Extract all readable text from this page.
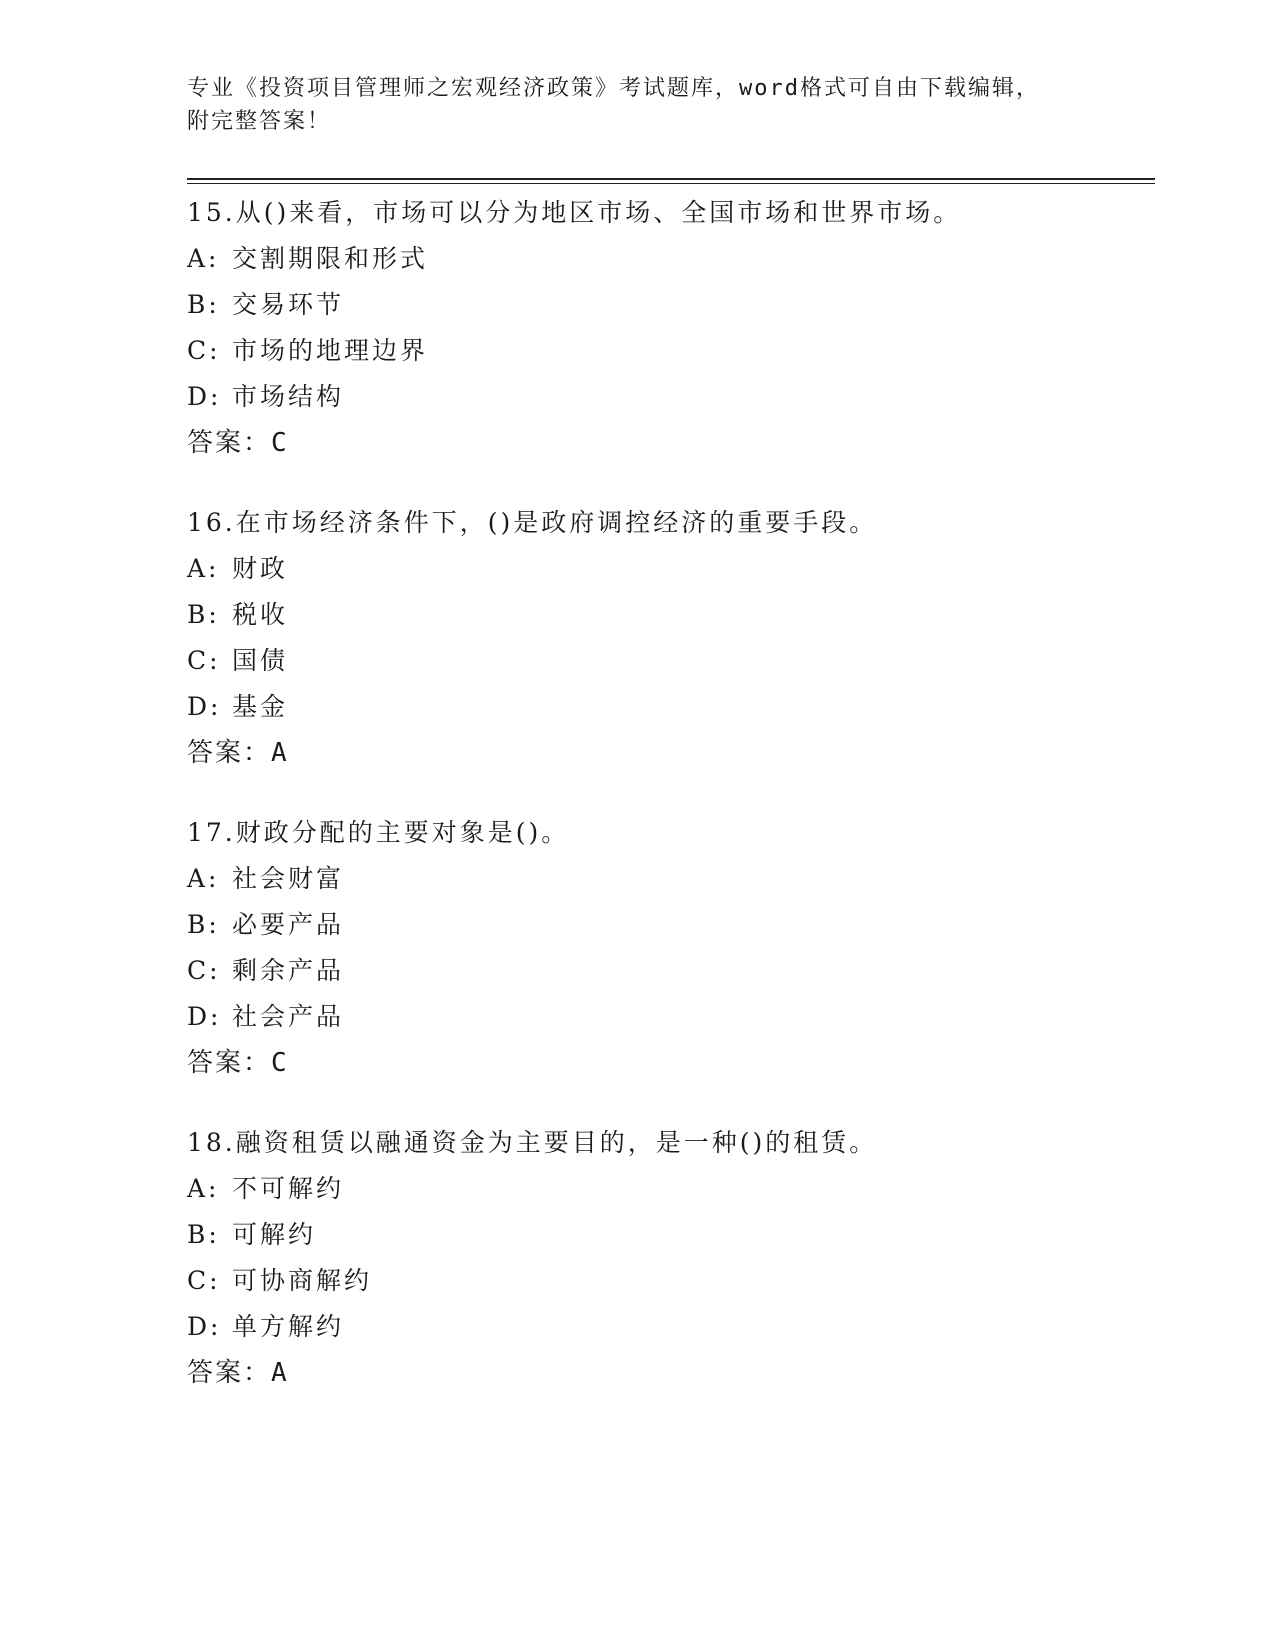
专业《投资项目管理师之宏观经济政策》考试题库，word格式可自由下载编辑，
附完整答案！
15.从()来看，市场可以分为地区市场、全国市场和世界市场。
A: 交割期限和形式
B: 交易环节
C: 市场的地理边界
D: 市场结构
答案：C
16.在市场经济条件下，()是政府调控经济的重要手段。
A: 财政
B: 税收
C: 国债
D: 基金
答案：A
17.财政分配的主要对象是()。
A: 社会财富
B: 必要产品
C: 剩余产品
D: 社会产品
答案：C
18.融资租赁以融通资金为主要目的，是一种()的租赁。
A: 不可解约
B: 可解约
C: 可协商解约
D: 单方解约
答案：A
